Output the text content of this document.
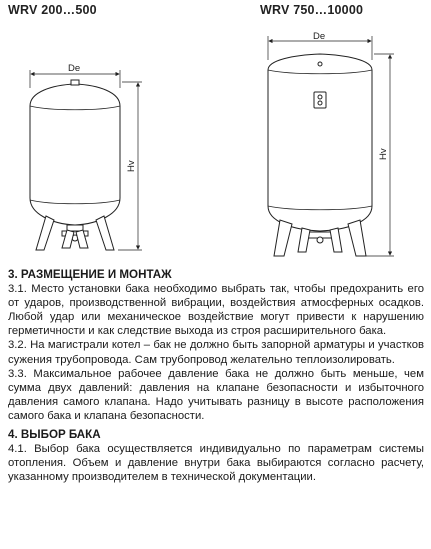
WRV 200…500	WRV 750…10000
De
Hv
De
Hv
3. РАЗМЕЩЕНИЕ И МОНТАЖ

3.1. Место установки бака необходимо выбрать так, чтобы предохранить его от ударов, производственной вибрации, воздействия атмосферных осадков. Любой удар или механическое воздействие могут привести к нарушению герметичности и как следствие выхода из строя расширительного бака.

3.2. На магистрали котел – бак не должно быть запорной арматуры и участков сужения трубопровода. Сам трубопровод желательно теплоизолировать.

3.3. Максимальное рабочее давление бака не должно быть меньше, чем сумма двух давлений: давления на клапане безопасности и избыточного давления самого клапана. Надо учитывать разницу в высоте расположения самого бака и клапана безопасности.

4. ВЫБОР БАКА

4.1. Выбор бака осуществляется индивидуально по параметрам системы отопления. Объем и давление внутри бака выбираются согласно расчету, указанному производителем в технической документации.
